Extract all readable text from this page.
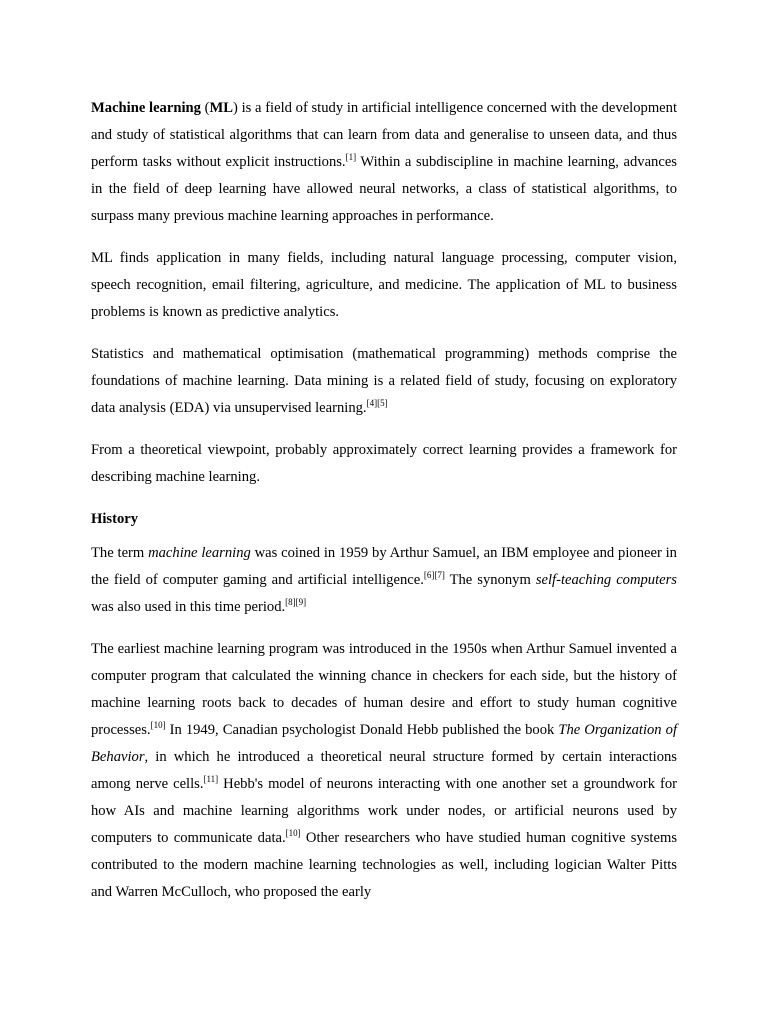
Machine learning (ML) is a field of study in artificial intelligence concerned with the development and study of statistical algorithms that can learn from data and generalise to unseen data, and thus perform tasks without explicit instructions.[1] Within a subdiscipline in machine learning, advances in the field of deep learning have allowed neural networks, a class of statistical algorithms, to surpass many previous machine learning approaches in performance.

ML finds application in many fields, including natural language processing, computer vision, speech recognition, email filtering, agriculture, and medicine. The application of ML to business problems is known as predictive analytics.

Statistics and mathematical optimisation (mathematical programming) methods comprise the foundations of machine learning. Data mining is a related field of study, focusing on exploratory data analysis (EDA) via unsupervised learning.[4][5]

From a theoretical viewpoint, probably approximately correct learning provides a framework for describing machine learning.

History

The term machine learning was coined in 1959 by Arthur Samuel, an IBM employee and pioneer in the field of computer gaming and artificial intelligence.[6][7] The synonym self-teaching computers was also used in this time period.[8][9]

The earliest machine learning program was introduced in the 1950s when Arthur Samuel invented a computer program that calculated the winning chance in checkers for each side, but the history of machine learning roots back to decades of human desire and effort to study human cognitive processes.[10] In 1949, Canadian psychologist Donald Hebb published the book The Organization of Behavior, in which he introduced a theoretical neural structure formed by certain interactions among nerve cells.[11] Hebb's model of neurons interacting with one another set a groundwork for how AIs and machine learning algorithms work under nodes, or artificial neurons used by computers to communicate data.[10] Other researchers who have studied human cognitive systems contributed to the modern machine learning technologies as well, including logician Walter Pitts and Warren McCulloch, who proposed the early
